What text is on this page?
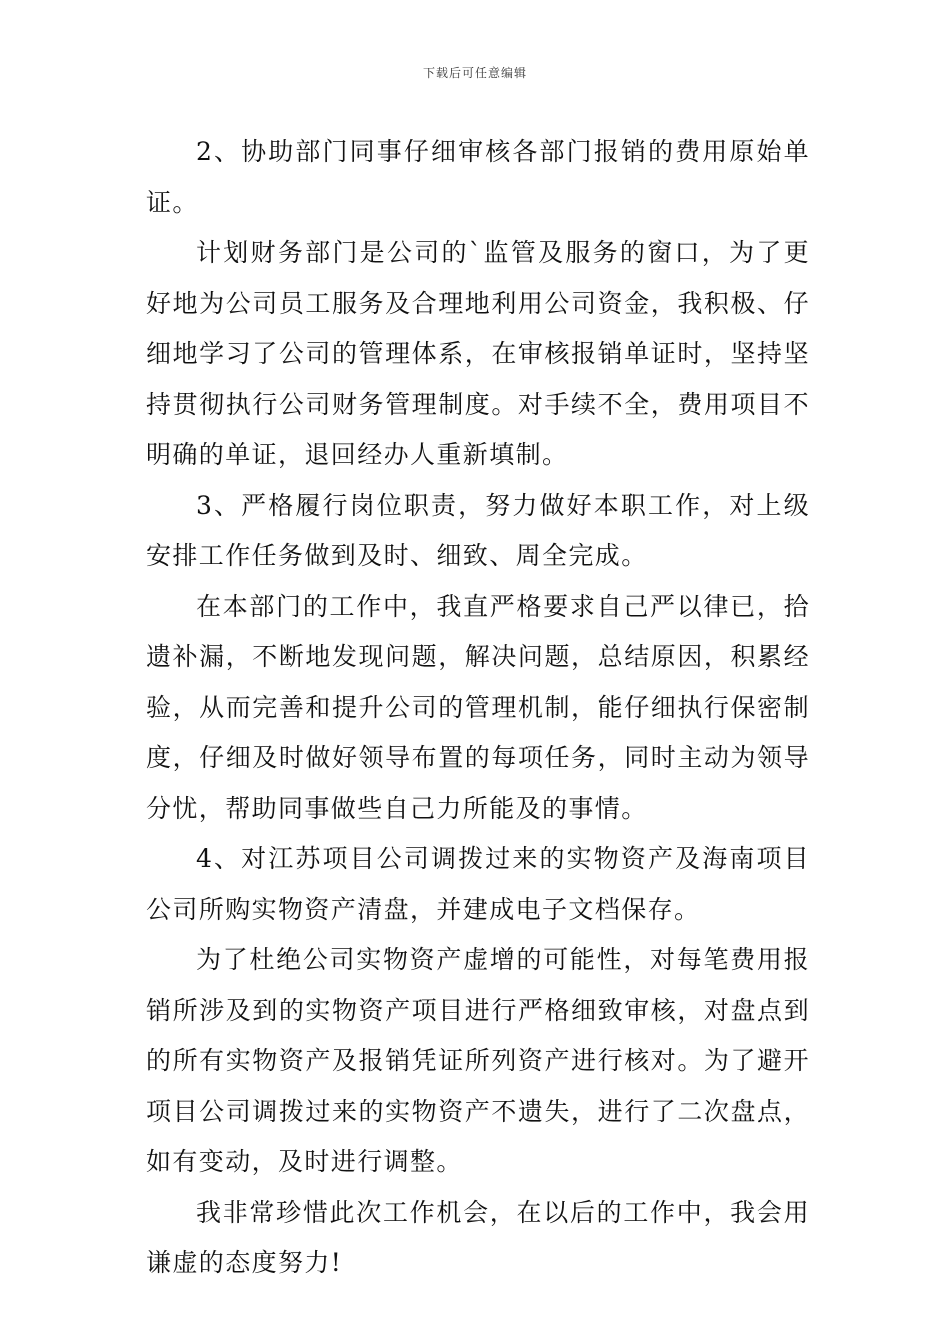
下载后可任意编辑

2、协助部门同事仔细审核各部门报销的费用原始单证。

计划财务部门是公司的`监管及服务的窗口，为了更好地为公司员工服务及合理地利用公司资金，我积极、仔细地学习了公司的管理体系，在审核报销单证时，坚持坚持贯彻执行公司财务管理制度。对手续不全，费用项目不明确的单证，退回经办人重新填制。

3、严格履行岗位职责，努力做好本职工作，对上级安排工作任务做到及时、细致、周全完成。

在本部门的工作中，我直严格要求自己严以律已，拾遗补漏，不断地发现问题，解决问题，总结原因，积累经验，从而完善和提升公司的管理机制，能仔细执行保密制度，仔细及时做好领导布置的每项任务，同时主动为领导分忧，帮助同事做些自己力所能及的事情。

4、对江苏项目公司调拨过来的实物资产及海南项目公司所购实物资产清盘，并建成电子文档保存。

为了杜绝公司实物资产虚增的可能性，对每笔费用报销所涉及到的实物资产项目进行严格细致审核，对盘点到的所有实物资产及报销凭证所列资产进行核对。为了避开项目公司调拨过来的实物资产不遗失，进行了二次盘点，如有变动，及时进行调整。

我非常珍惜此次工作机会，在以后的工作中，我会用谦虚的态度努力!
